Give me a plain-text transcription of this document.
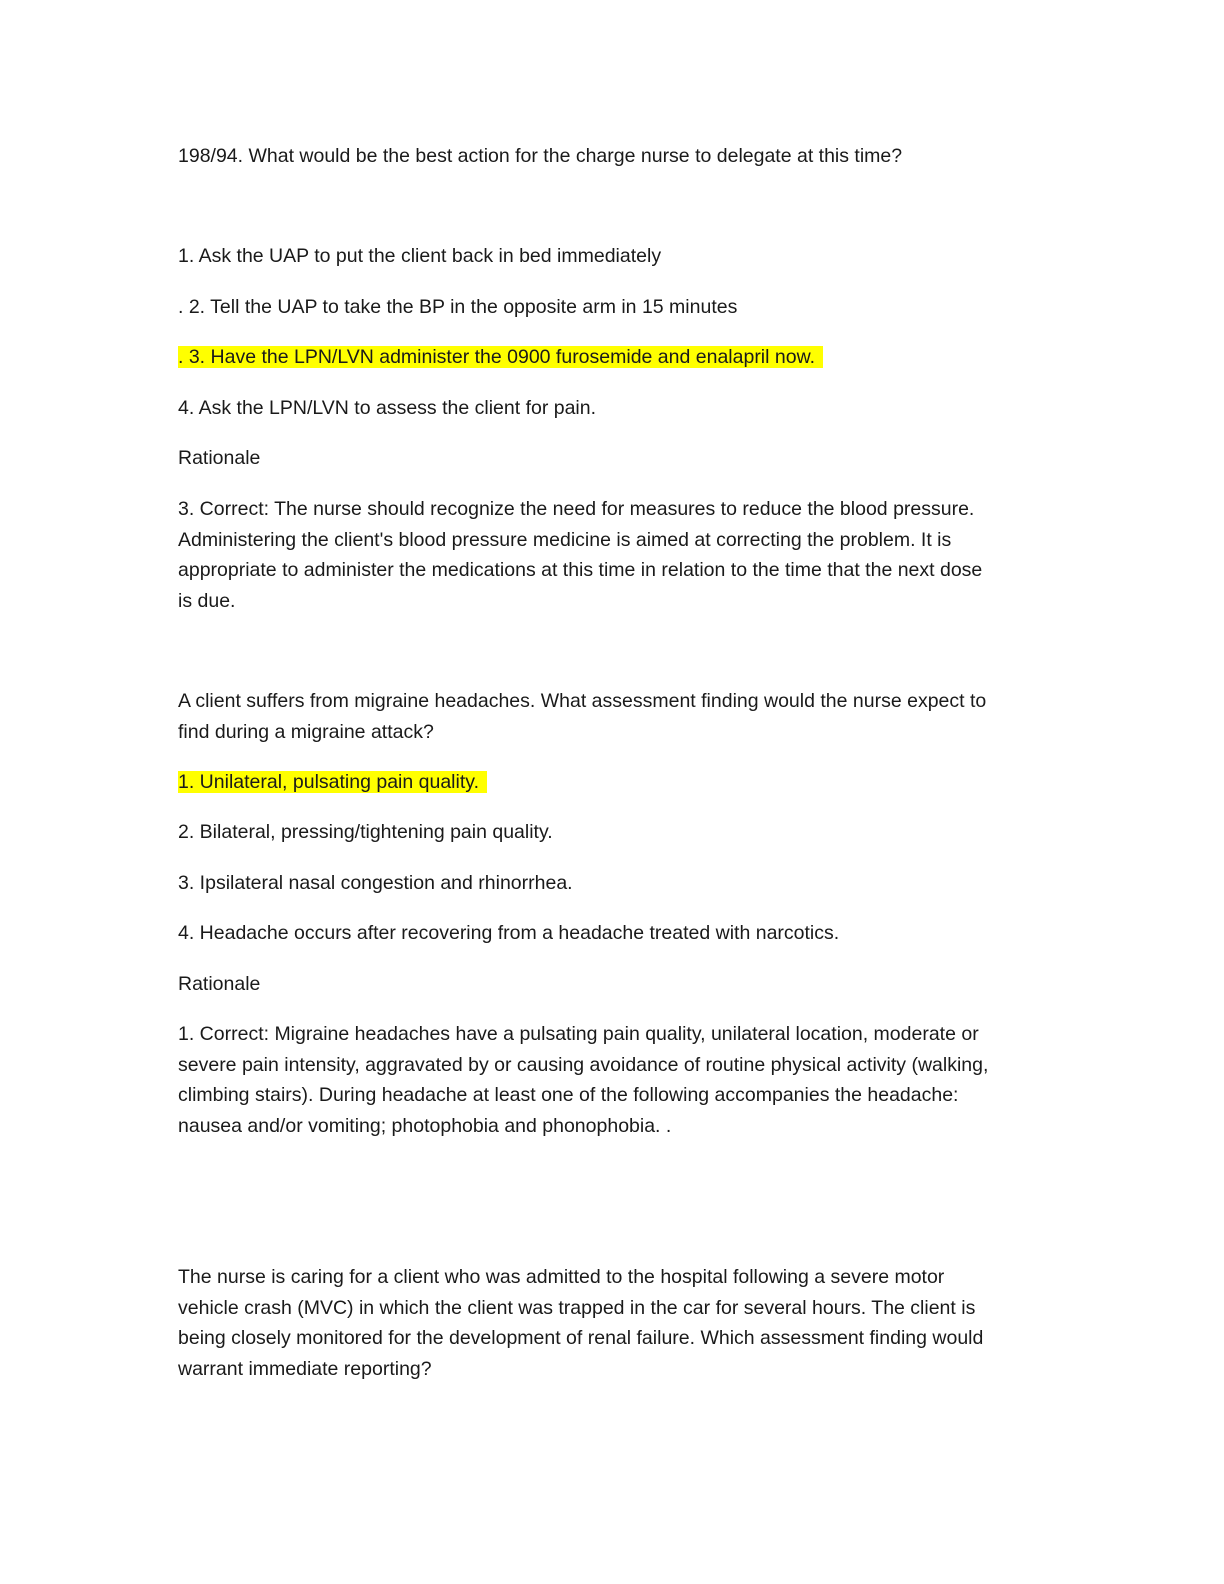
198/94. What would be the best action for the charge nurse to delegate at this time?
1. Ask the UAP to put the client back in bed immediately
. 2. Tell the UAP to take the BP in the opposite arm in 15 minutes
. 3. Have the LPN/LVN administer the 0900 furosemide and enalapril now.
4. Ask the LPN/LVN to assess the client for pain.
Rationale
3. Correct: The nurse should recognize the need for measures to reduce the blood pressure.
Administering the client's blood pressure medicine is aimed at correcting the problem. It is
appropriate to administer the medications at this time in relation to the time that the next dose
is due.
A client suffers from migraine headaches. What assessment finding would the nurse expect to
find during a migraine attack?
1. Unilateral, pulsating pain quality.
2. Bilateral, pressing/tightening pain quality.
3. Ipsilateral nasal congestion and rhinorrhea.
4. Headache occurs after recovering from a headache treated with narcotics.
Rationale
1. Correct: Migraine headaches have a pulsating pain quality, unilateral location, moderate or
severe pain intensity, aggravated by or causing avoidance of routine physical activity (walking,
climbing stairs). During headache at least one of the following accompanies the headache:
nausea and/or vomiting; photophobia and phonophobia. .
The nurse is caring for a client who was admitted to the hospital following a severe motor
vehicle crash (MVC) in which the client was trapped in the car for several hours. The client is
being closely monitored for the development of renal failure. Which assessment finding would
warrant immediate reporting?
